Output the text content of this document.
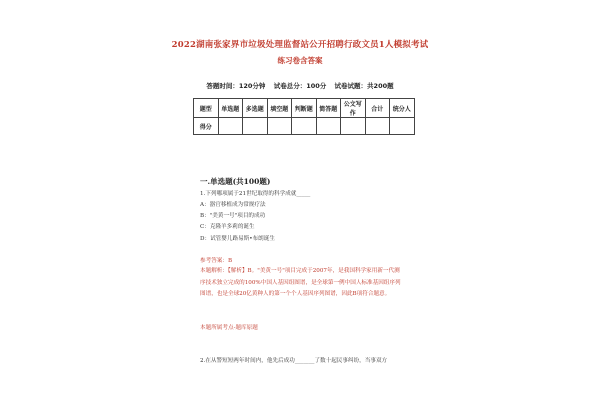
2022湖南张家界市垃圾处理监督站公开招聘行政文员1人模拟考试
练习卷含答案
答题时间：120分钟 试卷总分：100分 试卷试题：共200题
题型	单选题	多选题	填空题	判断题	简答题	公文写作	合计	统分人
得分								
一.单选题(共100题)
1.下列哪项属于21世纪取得的科学成就_____
A：器官移植成为常规疗法
B："美黄一号"项目的成功
C：克隆羊多莉的诞生
D：试管婴儿路易斯•布朗诞生
参考答案：B
本题解析：【解析】B。"美黄一号"项目完成于2007年，是我国科学家用新一代测序技术独立完成的100%中国人基因组图谱，是全球第一例中国人标准基因组序列图谱，也是全球20亿黄种人的第一个个人基因序列图谱，因此B项符合题意。
本题所属考点-题库原题
2.在从警短短两年时间内，他先后成功_______了数十起民事纠纷，当事双方
